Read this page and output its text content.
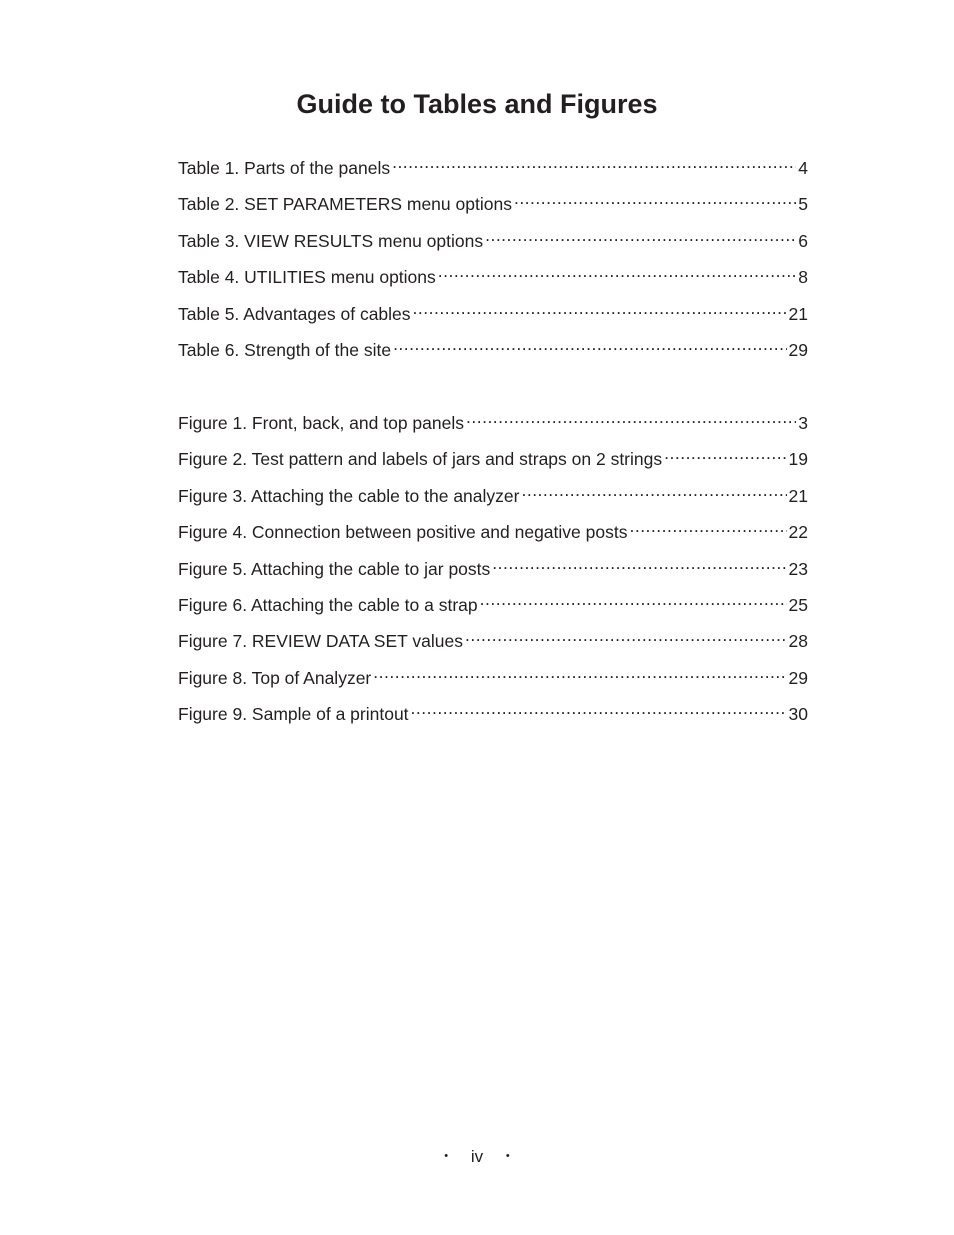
Guide to Tables and Figures
Table 1. Parts of the panels .....	4
Table 2. SET PARAMETERS menu options .....	5
Table 3. VIEW RESULTS menu options .....	6
Table 4. UTILITIES menu options .....	8
Table 5. Advantages of cables .....	21
Table 6. Strength of the site .....	29
Figure 1. Front, back, and top panels .....	3
Figure 2. Test pattern and labels of jars and straps on 2 strings .....	19
Figure 3. Attaching the cable to the analyzer .....	21
Figure 4. Connection between positive and negative posts .....	22
Figure 5. Attaching the cable to jar posts .....	23
Figure 6. Attaching the cable to a strap .....	25
Figure 7. REVIEW DATA SET values .....	28
Figure 8. Top of Analyzer .....	29
Figure 9. Sample of a printout .....	30
• iv •
